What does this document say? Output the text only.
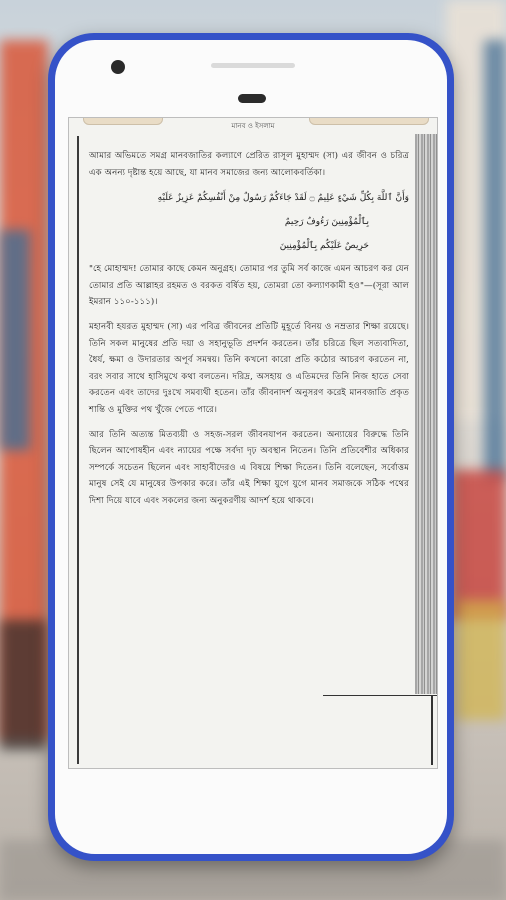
মানব ও ইসলাম

আমার অভিমতে সমগ্র মানবজাতির কল্যাণে প্রেরিত রাসূল মুহাম্মদ (সা) এর জীবন ও চরিত্র এক অনন্য দৃষ্টান্ত হয়ে আছে, যা মানব সমাজের জন্য আলোকবর্তিকা।

وَأَنَّ ٱللَّهَ بِكُلِّ شَيْءٍ عَلِيمٌ ۝ لَقَدْ جَاءَكُمْ رَسُولٌ مِنْ أَنْفُسِكُمْ عَزِيزٌ عَلَيْهِ

بِٱلْمُؤْمِنِينَ رَءُوفٌ رَحِيمٌ

حَرِيصٌ عَلَيْكُم بِٱلْمُؤْمِنِينَ

"হে মোহাম্মদ! তোমার কাছে কেমন অনুগ্রহ। তোমার পর তুমি সর্ব কাজে এমন আচরণ কর যেন তোমার প্রতি আল্লাহর রহমত ও বরকত বর্ষিত হয়, তোমরা তো কল্যাণকামী হও"—(সূরা আল ইমরান ১১০-১১১)।

মহানবী হযরত মুহাম্মদ (সা) এর পবিত্র জীবনের প্রতিটি মুহূর্তে বিনয় ও নম্রতার শিক্ষা রয়েছে। তিনি সকল মানুষের প্রতি দয়া ও সহানুভূতি প্রদর্শন করতেন। তাঁর চরিত্রে ছিল সত্যবাদিতা, ধৈর্য, ক্ষমা ও উদারতার অপূর্ব সমন্বয়। তিনি কখনো কারো প্রতি কঠোর আচরণ করতেন না, বরং সবার সাথে হাসিমুখে কথা বলতেন। দরিদ্র, অসহায় ও এতিমদের তিনি নিজ হাতে সেবা করতেন এবং তাদের দুঃখে সমব্যথী হতেন। তাঁর জীবনাদর্শ অনুসরণ করেই মানবজাতি প্রকৃত শান্তি ও মুক্তির পথ খুঁজে পেতে পারে।

আর তিনি অত্যন্ত মিতব্যয়ী ও সহজ-সরল জীবনযাপন করতেন। অন্যায়ের বিরুদ্ধে তিনি ছিলেন আপোষহীন এবং ন্যায়ের পক্ষে সর্বদা দৃঢ় অবস্থান নিতেন। তিনি প্রতিবেশীর অধিকার সম্পর্কে সচেতন ছিলেন এবং সাহাবীদেরও এ বিষয়ে শিক্ষা দিতেন। তিনি বলেছেন, সর্বোত্তম মানুষ সেই যে মানুষের উপকার করে। তাঁর এই শিক্ষা যুগে যুগে মানব সমাজকে সঠিক পথের দিশা দিয়ে যাবে এবং সকলের জন্য অনুকরণীয় আদর্শ হয়ে থাকবে।
